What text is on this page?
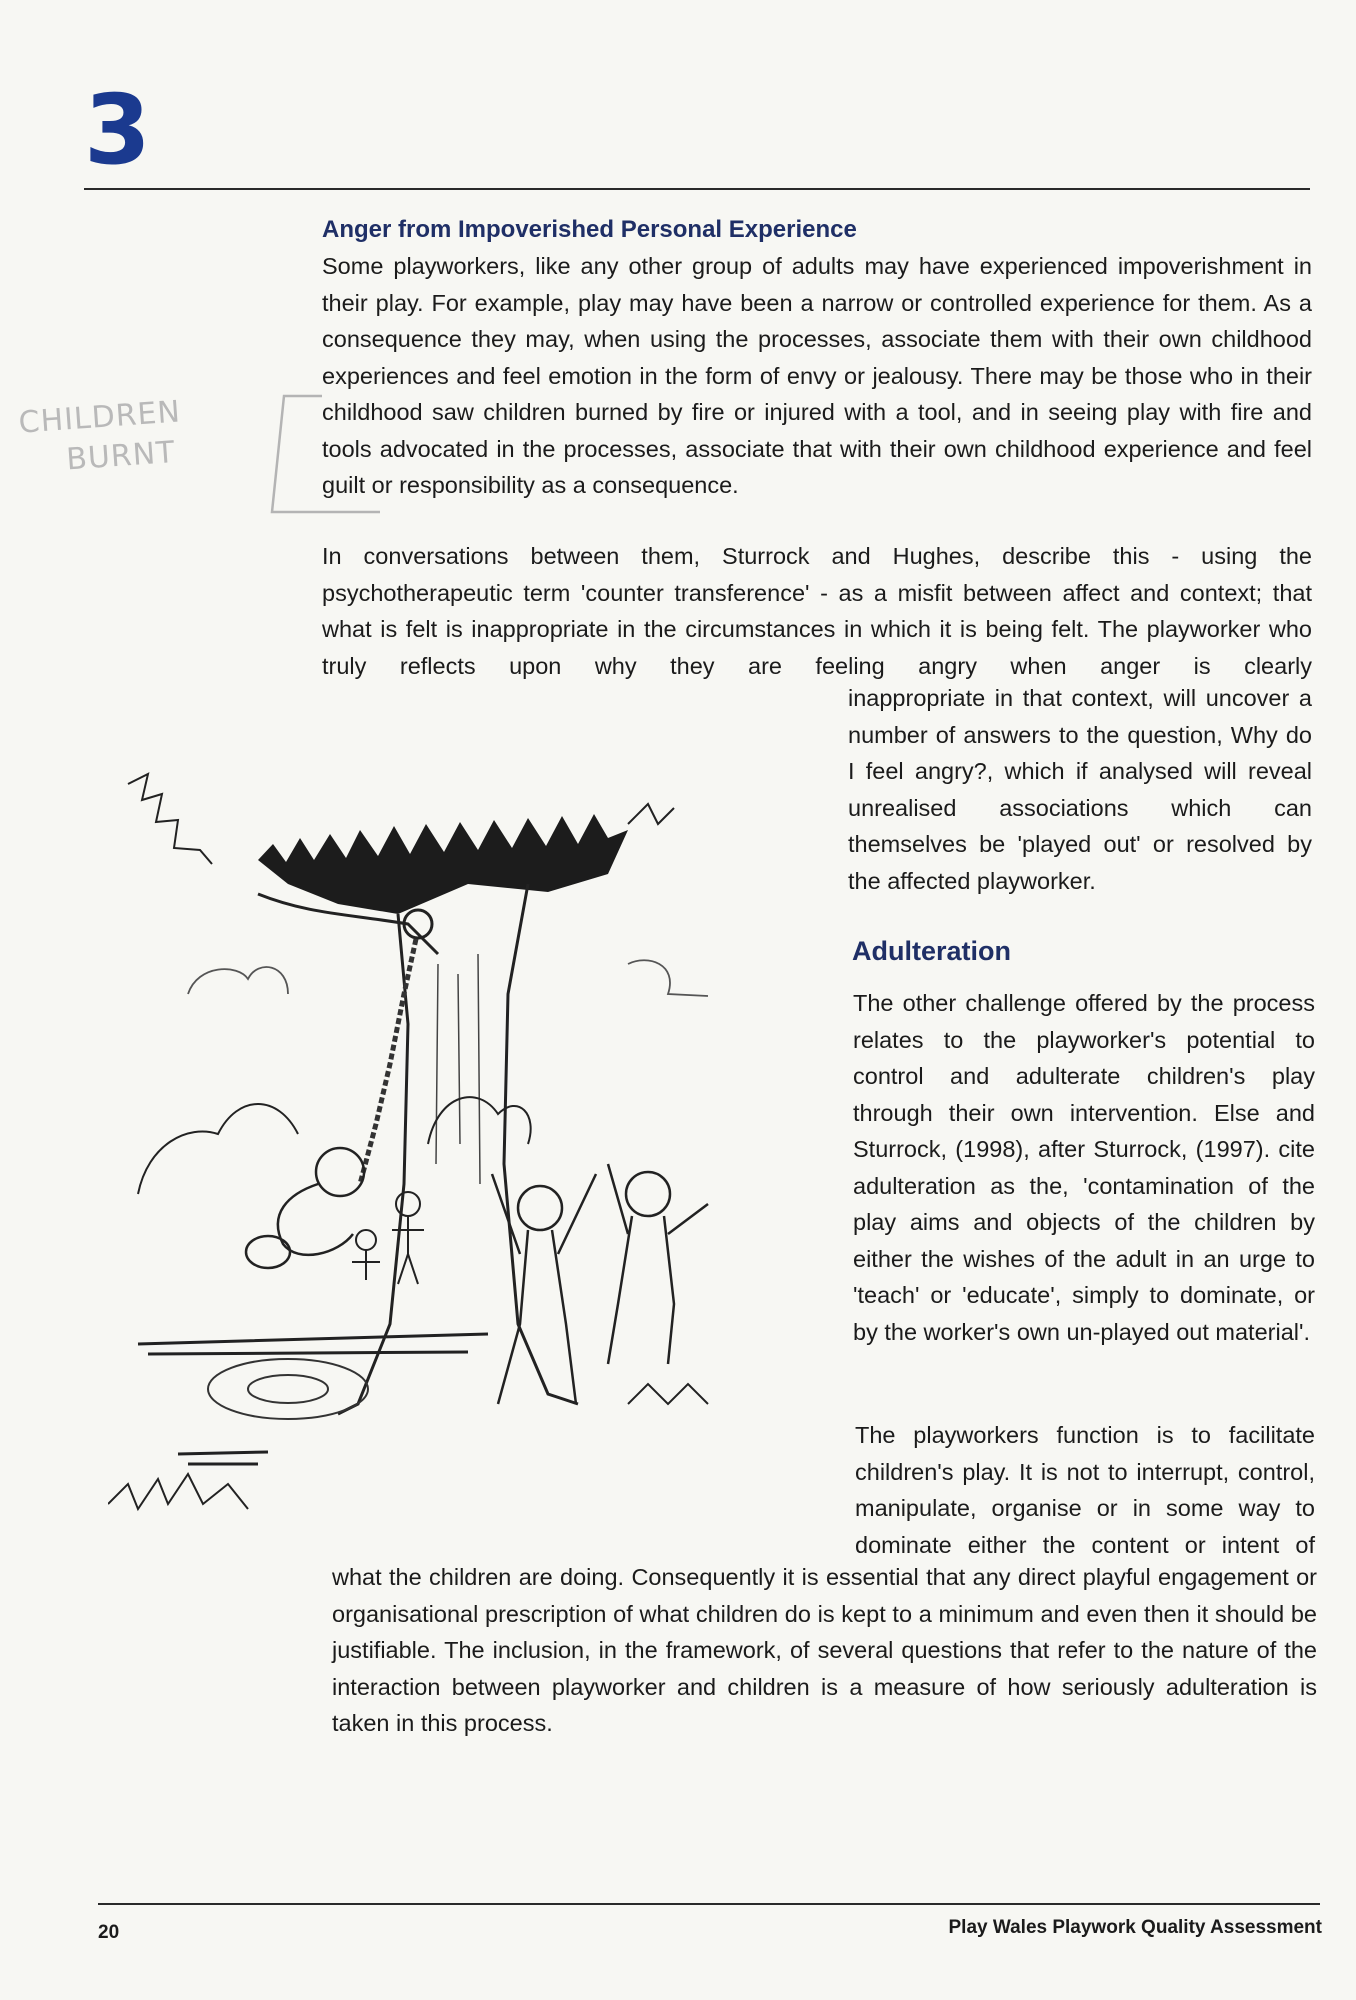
3
CHILDREN
BURNT
Anger from Impoverished Personal Experience

Some playworkers, like any other group of adults may have experienced impoverishment in their play. For example, play may have been a narrow or controlled experience for them. As a consequence they may, when using the processes, associate them with their own childhood experiences and feel emotion in the form of envy or jealousy. There may be those who in their childhood saw children burned by fire or injured with a tool, and in seeing play with fire and tools advocated in the processes, associate that with their own childhood experience and feel guilt or responsibility as a consequence.

In conversations between them, Sturrock and Hughes, describe this - using the psychotherapeutic term 'counter transference' - as a misfit between affect and context; that what is felt is inappropriate in the circumstances in which it is being felt. The playworker who truly reflects upon why they are feeling angry when anger is clearly

inappropriate in that context, will uncover a number of answers to the question, Why do I feel angry?, which if analysed will reveal unrealised associations which can themselves be 'played out' or resolved by the affected playworker.

Adulteration

The other challenge offered by the process relates to the playworker's potential to control and adulterate children's play through their own intervention. Else and Sturrock, (1998), after Sturrock, (1997). cite adulteration as the, 'contamination of the play aims and objects of the children by either the wishes of the adult in an urge to 'teach' or 'educate', simply to dominate, or by the worker's own un-played out material'.

The playworkers function is to facilitate children's play. It is not to interrupt, control, manipulate, organise or in some way to dominate either the content or intent of

what the children are doing. Consequently it is essential that any direct playful engagement or organisational prescription of what children do is kept to a minimum and even then it should be justifiable. The inclusion, in the framework, of several questions that refer to the nature of the interaction between playworker and children is a measure of how seriously adulteration is taken in this process.

20	Play Wales Playwork Quality Assessment
